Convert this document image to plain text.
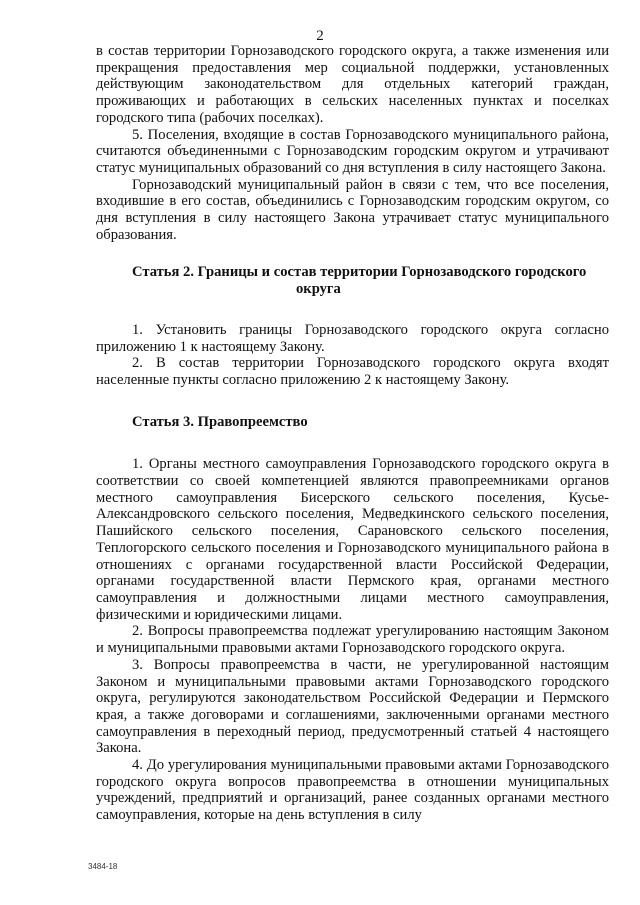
2

в состав территории Горнозаводского городского округа, а также изменения или прекращения предоставления мер социальной поддержки, установленных действующим законодательством для отдельных категорий граждан, проживающих и работающих в сельских населенных пунктах и поселках городского типа (рабочих поселках).

5. Поселения, входящие в состав Горнозаводского муниципального района, считаются объединенными с Горнозаводским городским округом и утрачивают статус муниципальных образований со дня вступления в силу настоящего Закона.

Горнозаводский муниципальный район в связи с тем, что все поселения, входившие в его состав, объединились с Горнозаводским городским округом, со дня вступления в силу настоящего Закона утрачивает статус муниципального образования.

Статья 2. Границы и состав территории Горнозаводского городского
округа

1. Установить границы Горнозаводского городского округа согласно приложению 1 к настоящему Закону.

2. В состав территории Горнозаводского городского округа входят населенные пункты согласно приложению 2 к настоящему Закону.

Статья 3. Правопреемство

1. Органы местного самоуправления Горнозаводского городского округа в соответствии со своей компетенцией являются правопреемниками органов местного самоуправления Бисерского сельского поселения, Кусье-Александровского сельского поселения, Медведкинского сельского поселения, Пашийского сельского поселения, Сарановского сельского поселения, Теплогорского сельского поселения и Горнозаводского муниципального района в отношениях с органами государственной власти Российской Федерации, органами государственной власти Пермского края, органами местного самоуправления и должностными лицами местного самоуправления, физическими и юридическими лицами.

2. Вопросы правопреемства подлежат урегулированию настоящим Законом и муниципальными правовыми актами Горнозаводского городского округа.

3. Вопросы правопреемства в части, не урегулированной настоящим Законом и муниципальными правовыми актами Горнозаводского городского округа, регулируются законодательством Российской Федерации и Пермского края, а также договорами и соглашениями, заключенными органами местного самоуправления в переходный период, предусмотренный статьей 4 настоящего Закона.

4. До урегулирования муниципальными правовыми актами Горнозаводского городского округа вопросов правопреемства в отношении муниципальных учреждений, предприятий и организаций, ранее созданных органами местного самоуправления, которые на день вступления в силу

3484-18
